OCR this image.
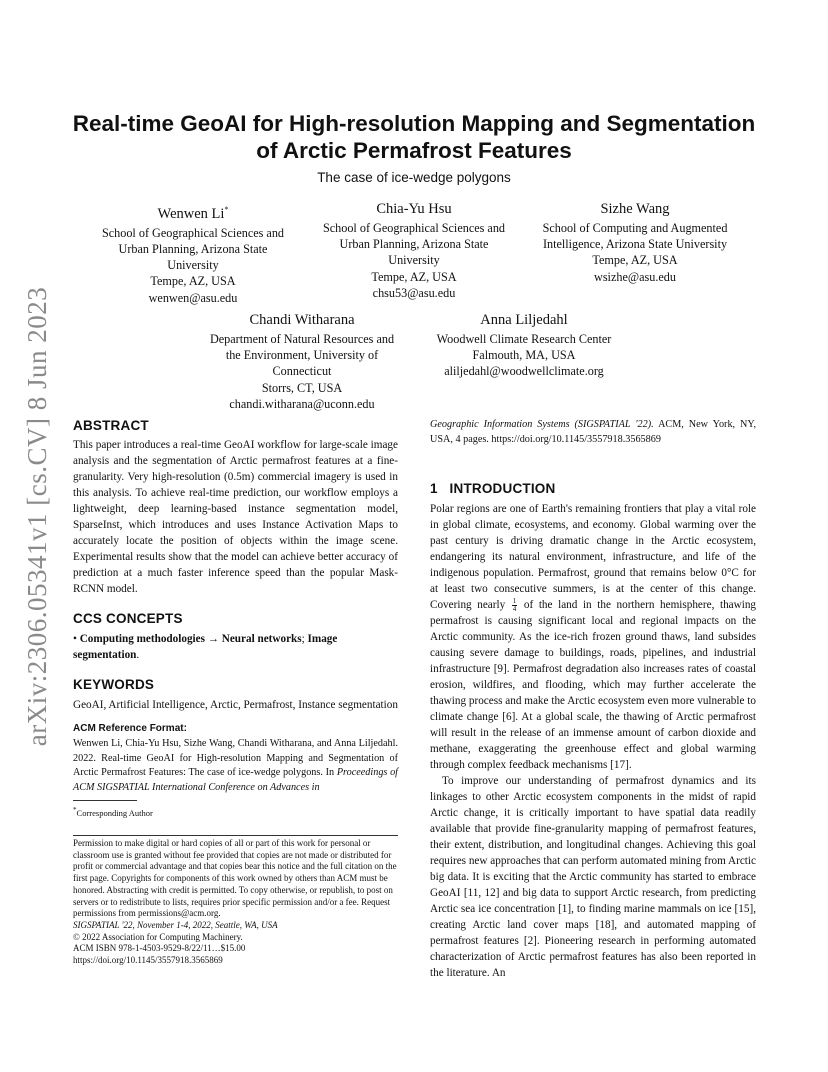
arXiv:2306.05341v1 [cs.CV] 8 Jun 2023
Real-time GeoAI for High-resolution Mapping and Segmentation of Arctic Permafrost Features

The case of ice-wedge polygons

Wenwen Li*
School of Geographical Sciences and
Urban Planning, Arizona State
University
Tempe, AZ, USA
wenwen@asu.edu
Chia-Yu Hsu
School of Geographical Sciences and
Urban Planning, Arizona State
University
Tempe, AZ, USA
chsu53@asu.edu
Sizhe Wang
School of Computing and Augmented
Intelligence, Arizona State University
Tempe, AZ, USA
wsizhe@asu.edu
Chandi Witharana
Department of Natural Resources and
the Environment, University of
Connecticut
Storrs, CT, USA
chandi.witharana@uconn.edu
Anna Liljedahl
Woodwell Climate Research Center
Falmouth, MA, USA
aliljedahl@woodwellclimate.org
ABSTRACT

This paper introduces a real-time GeoAI workflow for large-scale image analysis and the segmentation of Arctic permafrost features at a fine-granularity. Very high-resolution (0.5m) commercial imagery is used in this analysis. To achieve real-time prediction, our workflow employs a lightweight, deep learning-based instance segmentation model, SparseInst, which introduces and uses Instance Activation Maps to accurately locate the position of objects within the image scene. Experimental results show that the model can achieve better accuracy of prediction at a much faster inference speed than the popular Mask-RCNN model.

CCS CONCEPTS

• Computing methodologies → Neural networks; Image segmentation.

KEYWORDS

GeoAI, Artificial Intelligence, Arctic, Permafrost, Instance segmentation

ACM Reference Format:

Wenwen Li, Chia-Yu Hsu, Sizhe Wang, Chandi Witharana, and Anna Liljedahl. 2022. Real-time GeoAI for High-resolution Mapping and Segmentation of Arctic Permafrost Features: The case of ice-wedge polygons. In Proceedings of ACM SIGSPATIAL International Conference on Advances in

*Corresponding Author

Permission to make digital or hard copies of all or part of this work for personal or classroom use is granted without fee provided that copies are not made or distributed for profit or commercial advantage and that copies bear this notice and the full citation on the first page. Copyrights for components of this work owned by others than ACM must be honored. Abstracting with credit is permitted. To copy otherwise, or republish, to post on servers or to redistribute to lists, requires prior specific permission and/or a fee. Request permissions from permissions@acm.org.

SIGSPATIAL '22, November 1-4, 2022, Seattle, WA, USA

© 2022 Association for Computing Machinery.

ACM ISBN 978-1-4503-9529-8/22/11…$15.00

https://doi.org/10.1145/3557918.3565869

Geographic Information Systems (SIGSPATIAL '22). ACM, New York, NY, USA, 4 pages. https://doi.org/10.1145/3557918.3565869
1   INTRODUCTION

Polar regions are one of Earth's remaining frontiers that play a vital role in global climate, ecosystems, and economy. Global warming over the past century is driving dramatic change in the Arctic ecosystem, endangering its natural environment, infrastructure, and life of the indigenous population. Permafrost, ground that remains below 0°C for at least two consecutive summers, is at the center of this change. Covering nearly $\frac{1}{4}$ of the land in the northern hemisphere, thawing permafrost is causing significant local and regional impacts on the Arctic community. As the ice-rich frozen ground thaws, land subsides causing severe damage to buildings, roads, pipelines, and industrial infrastructure [9]. Permafrost degradation also increases rates of coastal erosion, wildfires, and flooding, which may further accelerate the thawing process and make the Arctic ecosystem even more vulnerable to climate change [6]. At a global scale, the thawing of Arctic permafrost will result in the release of an immense amount of carbon dioxide and methane, exaggerating the greenhouse effect and global warming through complex feedback mechanisms [17].

To improve our understanding of permafrost dynamics and its linkages to other Arctic ecosystem components in the midst of rapid Arctic change, it is critically important to have spatial data readily available that provide fine-granularity mapping of permafrost features, their extent, distribution, and longitudinal changes. Achieving this goal requires new approaches that can perform automated mining from Arctic big data. It is exciting that the Arctic community has started to embrace GeoAI [11, 12] and big data to support Arctic research, from predicting Arctic sea ice concentration [1], to finding marine mammals on ice [15], creating Arctic land cover maps [18], and automated mapping of permafrost features [2]. Pioneering research in performing automated characterization of Arctic permafrost features has also been reported in the literature. An
